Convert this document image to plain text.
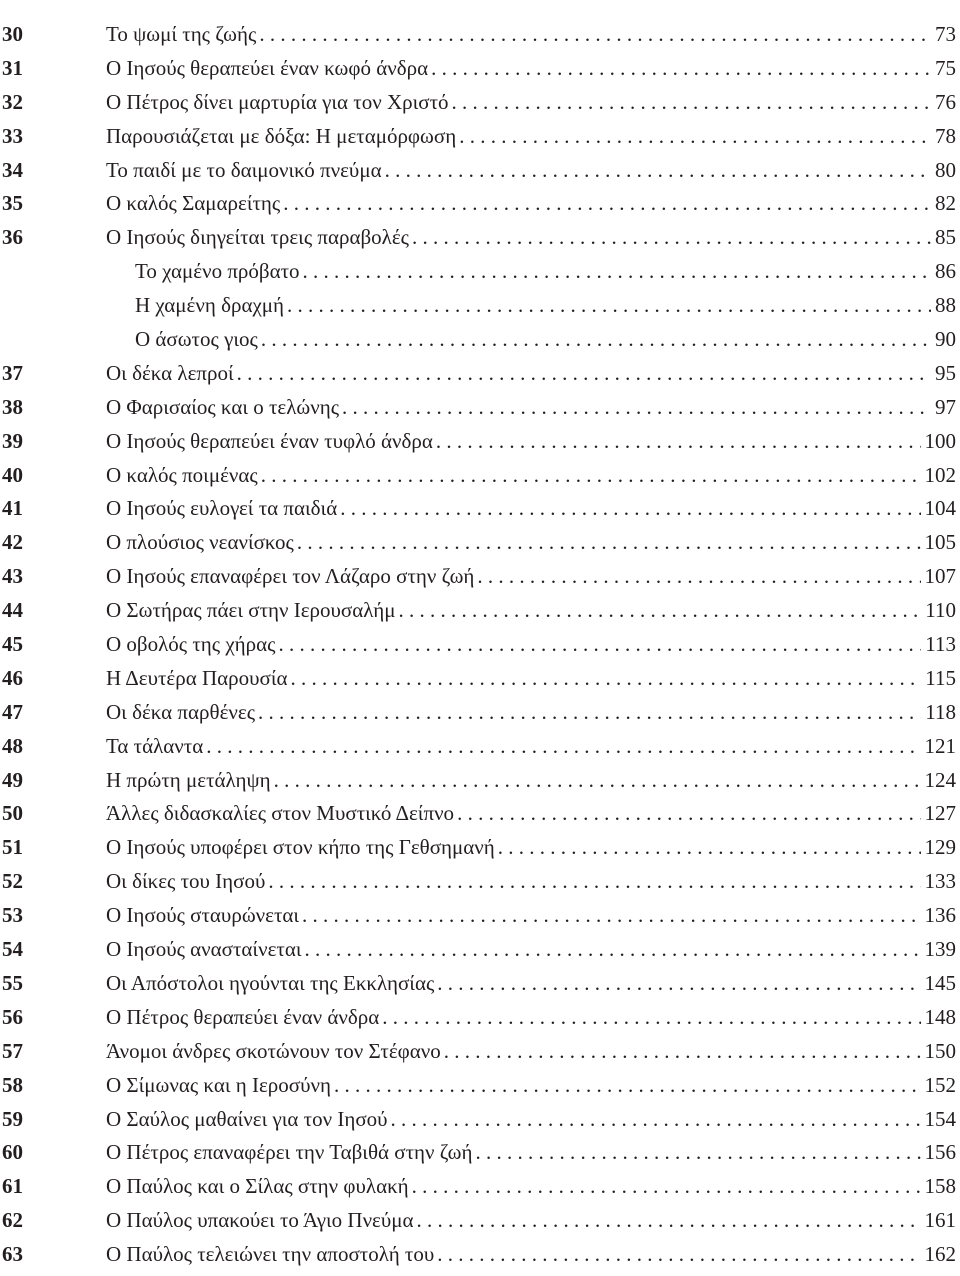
30	Το ψωμί της ζωής . . .	73
31	Ο Ιησούς θεραπεύει έναν κωφό άνδρα . . .	75
32	Ο Πέτρος δίνει μαρτυρία για τον Χριστό . . .	76
33	Παρουσιάζεται με δόξα: Η μεταμόρφωση . . .	78
34	Το παιδί με το δαιμονικό πνεύμα . . .	80
35	Ο καλός Σαμαρείτης . . .	82
36	Ο Ιησούς διηγείται τρεις παραβολές . . .	85
Το χαμένο πρόβατο . . .	86
Η χαμένη δραχμή . . .	88
Ο άσωτος γιος . . .	90
37	Οι δέκα λεπροί . . .	95
38	Ο Φαρισαίος και ο τελώνης . . .	97
39	Ο Ιησούς θεραπεύει έναν τυφλό άνδρα . . .	100
40	Ο καλός ποιμένας . . .	102
41	Ο Ιησούς ευλογεί τα παιδιά . . .	104
42	Ο πλούσιος νεανίσκος . . .	105
43	Ο Ιησούς επαναφέρει τον Λάζαρο στην ζωή . . .	107
44	Ο Σωτήρας πάει στην Ιερουσαλήμ . . .	110
45	Ο οβολός της χήρας . . .	113
46	Η Δευτέρα Παρουσία . . .	115
47	Οι δέκα παρθένες . . .	118
48	Τα τάλαντα . . .	121
49	Η πρώτη μετάληψη . . .	124
50	Άλλες διδασκαλίες στον Μυστικό Δείπνο . . .	127
51	Ο Ιησούς υποφέρει στον κήπο της Γεθσημανή . . .	129
52	Οι δίκες του Ιησού . . .	133
53	Ο Ιησούς σταυρώνεται . . .	136
54	Ο Ιησούς ανασταίνεται . . .	139
55	Οι Απόστολοι ηγούνται της Εκκλησίας . . .	145
56	Ο Πέτρος θεραπεύει έναν άνδρα . . .	148
57	Άνομοι άνδρες σκοτώνουν τον Στέφανο . . .	150
58	Ο Σίμωνας και η Ιεροσύνη . . .	152
59	Ο Σαύλος μαθαίνει για τον Ιησού . . .	154
60	Ο Πέτρος επαναφέρει την Ταβιθά στην ζωή . . .	156
61	Ο Παύλος και ο Σίλας στην φυλακή . . .	158
62	Ο Παύλος υπακούει το Άγιο Πνεύμα . . .	161
63	Ο Παύλος τελειώνει την αποστολή του . . .	162
